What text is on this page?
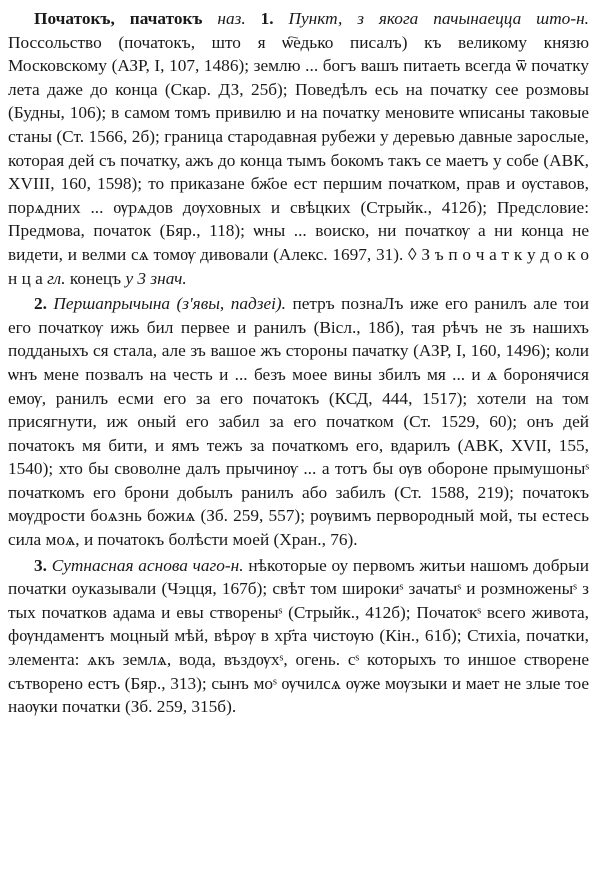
Початокъ, пачатокъ наз. 1. Пункт, з якога пачынаецца што-н. Поссольство (початокъ, што я ѡ҇едько писалъ) къ великому князю Московскому (АЗР, I, 107, 1486); землю ... богъ вашъ питаеть всегда ѿ початку лета даже до конца (Скар. ДЗ, 25б); Поведѣлъ есь на початку сее розмовы (Будны, 106); в самом томъ привилю и на початку меновите ѡписаны таковые станы (Ст. 1566, 2б); граница стародавная рубежи у деревью давные зарослые, которая дей съ початку, ажъ до конца тымъ бокомъ такъ се маетъ у собе (АВК, XVIII, 160, 1598); то приказане бж҃ое ест першим початком, прав и ѹставов, порѧдних ... ѹрѧдов дѹховных и свѣцких (Стрыйк., 412б); Предсловие: Предмова, початок (Бяр., 118); ѡны ... воиско, ни початкѹ а ни конца не видети, и велми сѧ томѹ дивовали (Алекс. 1697, 31). ◊ З ъ п о ч а т к у д о к о н ц а гл. конецъ у 3 знач.

2. Першапрычына (з'явы, падзеі). петръ познаЛъ иже его ранилъ але тои его початкѹ ижь бил первее и ранилъ (Віcл., 18б), тая рѣчъ не зъ нашихъ подданыхъ ся стала, але зъ вашое жъ стороны пачатку (АЗР, I, 160, 1496); коли ѡнъ мене позвалъ на честь и ... безъ моее вины збилъ мя ... и ѧ боронячися емѹ, ранилъ есми его за его початокъ (КСД, 444, 1517); хотели на том присягнути, иж оный его забил за его початком (Ст. 1529, 60); онъ дей початокъ мя бити, и ямъ тежъ за початкомъ его, вдарилъ (АВК, XVII, 155, 1540); хто бы своволне далъ прычинѹ ... а тотъ бы ѹв обороне прымушоныˢ початкомъ его брони добылъ ранилъ або забилъ (Ст. 1588, 219); початокъ мѹдрости боѧзнь божиѧ (Зб. 259, 557); рѹвимъ первородный мой, ты естесь сила моѧ, и початокъ болѣсти моей (Хран., 76).

3. Сутнасная аснова чаго-н. нѣкоторые оу первомъ житьи нашомъ добрыи початки оуказывали (Чэцця, 167б); свѣт том широкиˢ зачатыˢ и розмноженыˢ з тых початков адама и евы створеныˢ (Стрыйк., 412б); Початокˢ всего живота, фѹндаментъ моцный мѣй, вѣрѹ в хр҃та чистѹю (Кін., 61б); Стихіа, початки, элемента: ѧкъ землѧ, вода, въздѹхˢ, огень. сˢ которыхъ то иншое створене сътворено естъ (Бяр., 313); сынъ моˢ ѹчилсѧ ѹже мѹзыки и мает не злые тое наѹки початки (Зб. 259, 315б).
